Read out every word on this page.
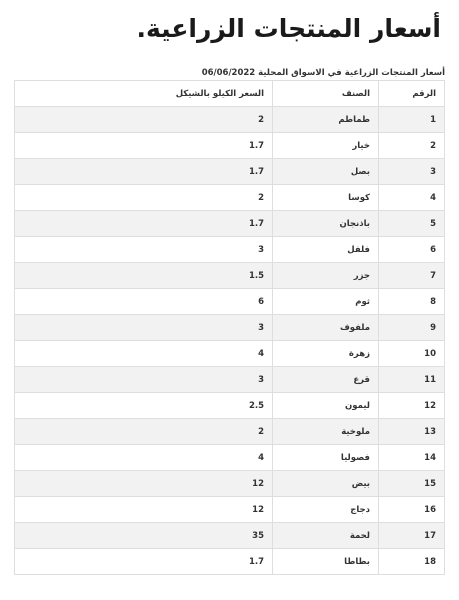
أسعار المنتجات الزراعية.
أسعار المنتجات الزراعية في الاسواق المحلية 06/06/2022
الرقم	الصنف	السعر الكيلو بالشيكل
1	طماطم	2
2	خيار	1.7
3	بصل	1.7
4	كوسا	2
5	باذنجان	1.7
6	فلفل	3
7	جزر	1.5
8	ثوم	6
9	ملفوف	3
10	زهرة	4
11	قرع	3
12	ليمون	2.5
13	ملوخية	2
14	فصوليا	4
15	بيض	12
16	دجاج	12
17	لحمة	35
18	بطاطا	1.7
